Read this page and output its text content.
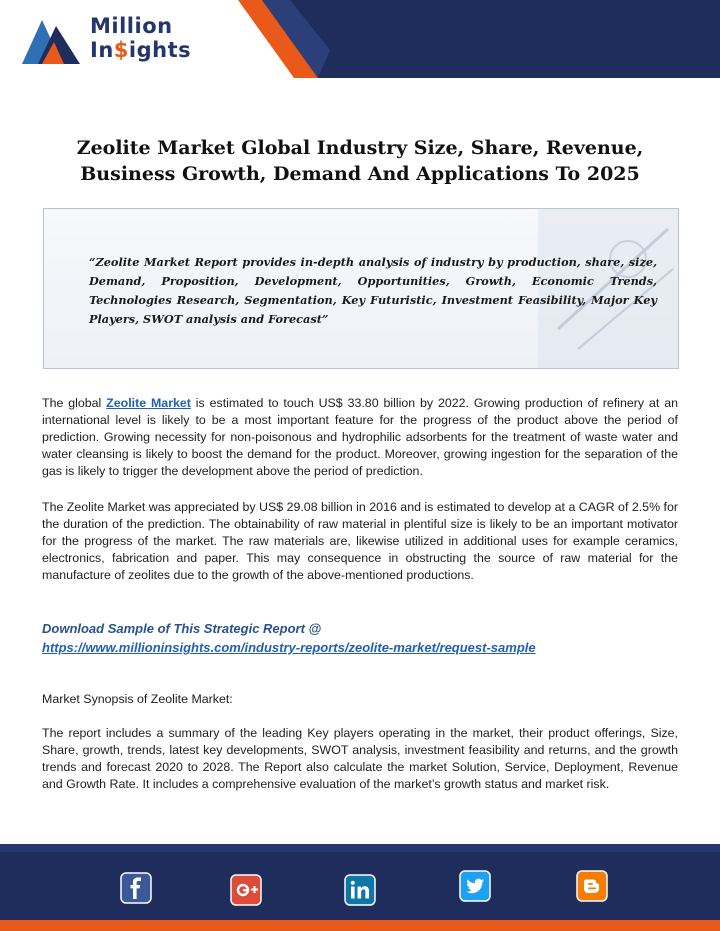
Million
In$ights
Zeolite Market Global Industry Size, Share, Revenue, Business Growth, Demand And Applications To 2025
“Zeolite Market Report provides in-depth analysis of industry by production, share, size, Demand, Proposition, Development, Opportunities, Growth, Economic Trends, Technologies Research, Segmentation, Key Futuristic, Investment Feasibility, Major Key Players, SWOT analysis and Forecast”

The global Zeolite Market is estimated to touch US$ 33.80 billion by 2022. Growing production of refinery at an international level is likely to be a most important feature for the progress of the product above the period of prediction. Growing necessity for non-poisonous and hydrophilic adsorbents for the treatment of waste water and water cleansing is likely to boost the demand for the product. Moreover, growing ingestion for the separation of the gas is likely to trigger the development above the period of prediction.

The Zeolite Market was appreciated by US$ 29.08 billion in 2016 and is estimated to develop at a CAGR of 2.5% for the duration of the prediction. The obtainability of raw material in plentiful size is likely to be an important motivator for the progress of the market. The raw materials are, likewise utilized in additional uses for example ceramics, electronics, fabrication and paper. This may consequence in obstructing the source of raw material for the manufacture of zeolites due to the growth of the above-mentioned productions.

Download Sample of This Strategic Report @
https://www.millioninsights.com/industry-reports/zeolite-market/request-sample
Market Synopsis of Zeolite Market:

The report includes a summary of the leading Key players operating in the market, their product offerings, Size, Share, growth, trends, latest key developments, SWOT analysis, investment feasibility and returns, and the growth trends and forecast 2020 to 2028. The Report also calculate the market Solution, Service, Deployment, Revenue and Growth Rate. It includes a comprehensive evaluation of the market’s growth status and market risk.
